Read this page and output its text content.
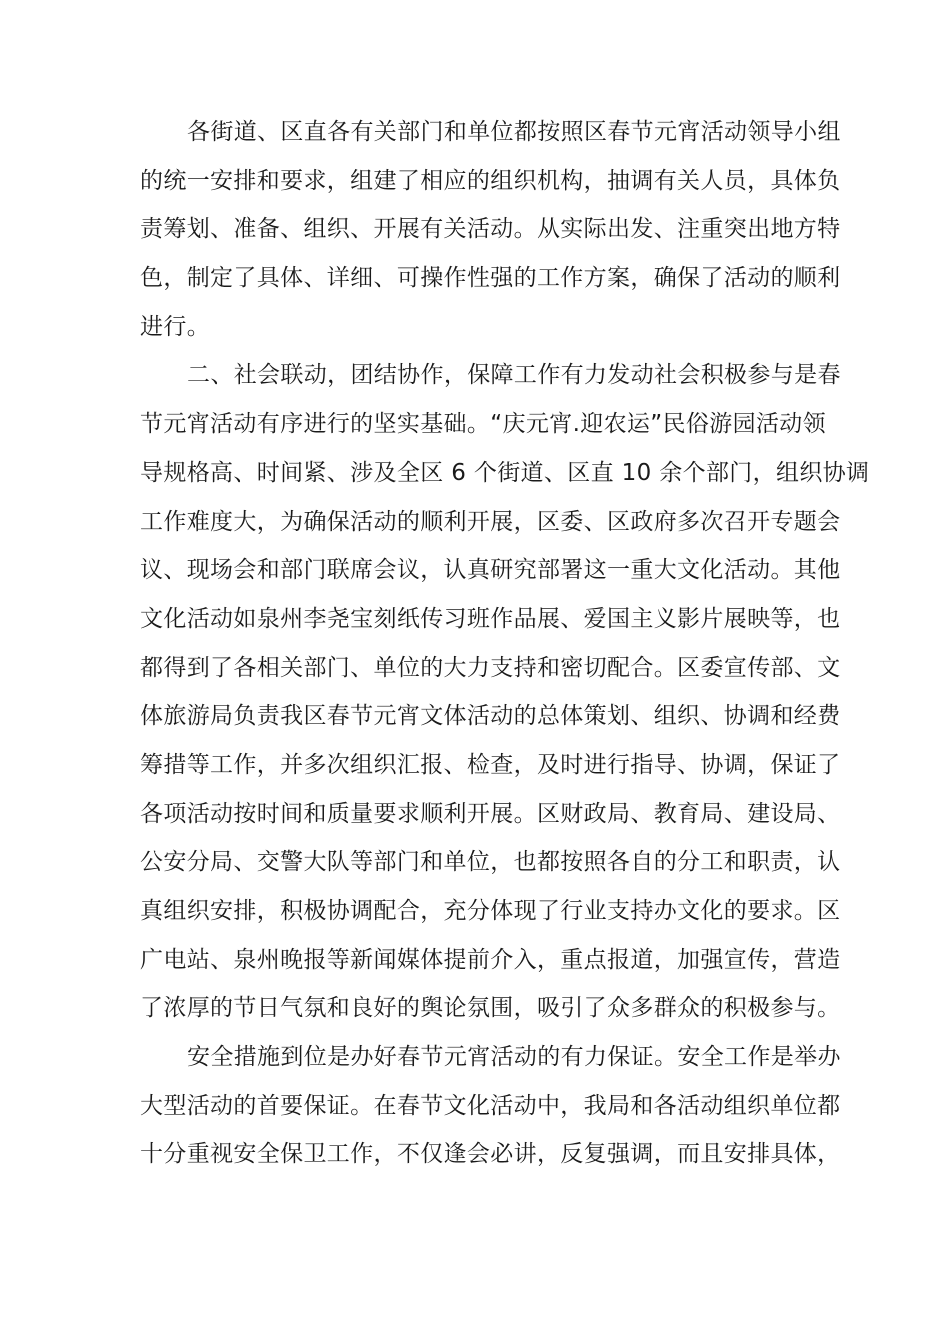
各街道、区直各有关部门和单位都按照区春节元宵活动领导小组
的统一安排和要求，组建了相应的组织机构，抽调有关人员，具体负
责筹划、准备、组织、开展有关活动。从实际出发、注重突出地方特
色，制定了具体、详细、可操作性强的工作方案，确保了活动的顺利
进行。
二、社会联动，团结协作，保障工作有力发动社会积极参与是春
节元宵活动有序进行的坚实基础。“庆元宵.迎农运”民俗游园活动领
导规格高、时间紧、涉及全区 6 个街道、区直 10 余个部门，组织协调
工作难度大，为确保活动的顺利开展，区委、区政府多次召开专题会
议、现场会和部门联席会议，认真研究部署这一重大文化活动。其他
文化活动如泉州李尧宝刻纸传习班作品展、爱国主义影片展映等，也
都得到了各相关部门、单位的大力支持和密切配合。区委宣传部、文
体旅游局负责我区春节元宵文体活动的总体策划、组织、协调和经费
筹措等工作，并多次组织汇报、检查，及时进行指导、协调，保证了
各项活动按时间和质量要求顺利开展。区财政局、教育局、建设局、
公安分局、交警大队等部门和单位，也都按照各自的分工和职责，认
真组织安排，积极协调配合，充分体现了行业支持办文化的要求。区
广电站、泉州晚报等新闻媒体提前介入，重点报道，加强宣传，营造
了浓厚的节日气氛和良好的舆论氛围，吸引了众多群众的积极参与。
安全措施到位是办好春节元宵活动的有力保证。安全工作是举办
大型活动的首要保证。在春节文化活动中，我局和各活动组织单位都
十分重视安全保卫工作，不仅逢会必讲，反复强调，而且安排具体，
